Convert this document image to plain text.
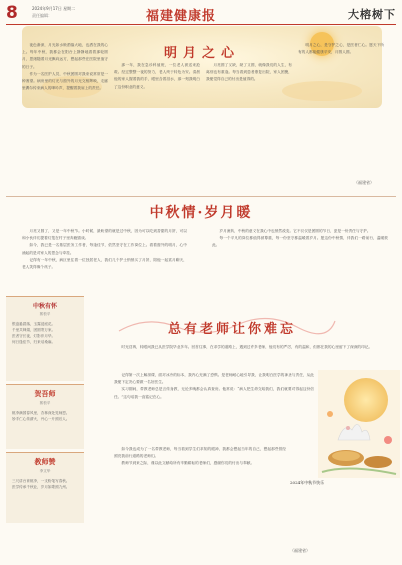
8	2024年9月17日 星期二
责任编辑：	福建健康报	大榕树下
明月之心

夜色渐深，月光如水般洒落大地，也洒在我的心上。每年中秋，我都会在阳台上静静地看着那轮圆月，思绪随着月光飘向远方，想起那些在医院里值守的日子。

作为一名医护人员，中秋团圆对我来说常常是一种奢望。病房里的灯光与窗外的月光交相辉映，走廊里偶尔传来病人的呻吟声，提醒着我肩上的责任。

那一年，我在急诊科值班，一位老人被送来抢救。经过整整一夜的努力，老人终于转危为安。清晨他的家人握着我的手，眼里含着泪水，那一刻我明白了这份职业的意义。

月亮圆了又缺，缺了又圆，就像我们的人生，有离别也有重逢。每当看到患者康复出院，家人团聚，我便觉得自己的付出是值得的。

明月之心，是守护之心，是医者仁心。愿天下所有的人都能健康平安，月圆人圆。

（福建省）
中秋情·岁月暖

月亮又圆了，又是一年中秋节。小时候，最盼望的就是过中秋，因为可以吃到香甜的月饼，可以和小伙伴们提着灯笼在村子里奔跑嬉戏。

如今，我已是一名基层医务工作者，每逢佳节，依然坚守在工作岗位上。看着窗外的明月，心中涌起的是对家人的思念与牵挂。

记得有一年中秋，病区里住着一位独居老人，我们几个护士悄悄买了月饼，陪他一起赏月聊天，老人笑得像个孩子。

岁月流转，中秋的意义在我心中也悄然改变。它不仅仅是团圆的节日，更是一份责任与守护。

每一个平凡的岗位都值得被尊重，每一份坚守都温暖着岁月。愿这份中秋情，伴我们一路前行，温暖彼此。

中秋有怀
郭松平
银盘悬碧落，玉露浸庭花。
千里共婵娟，团圆寄万家。
医者守长夜，灯影伴月华。
何日逢佳节，归来话桑麻。
贺吾师
郭松平
桃李满园春风里，杏林深处见师恩。
妙手仁心传薪火，丹心一片照后人。
教师赞
李文华
三尺讲台育桃李，一支粉笔写春秋。
医学传承千秋业，岁月如歌照九州。
总有老师让你难忘

时光荏苒，转眼间我已从医学院毕业多年。回首往事，在求学的道路上，遇到过许多老师，他们有的严厉，有的温和，但都在我的心里留下了深深的印记。

记得第一次上解剖课，面对冰冷的标本，我内心充满了恐惧。是老师耐心地引导我，让我明白医学的神圣与责任，从此我便下定决心要做一名好医生。

实习期间，带教老师总是言传身教，无论多晚都会认真查房。他常说：“病人把生命交给我们，我们就要对得起这份信任。”这句话我一直铭记在心。

如今我也成为了一名带教老师，每当看到学生们求知的眼神，我都会想起当年的自己，想起那些曾经照亮我前行道路的老师们。

教师节到来之际，谨以此文献给所有辛勤耕耘的老师们，感谢你们的付出与奉献。

（福建省）
2024年中秋节快乐
